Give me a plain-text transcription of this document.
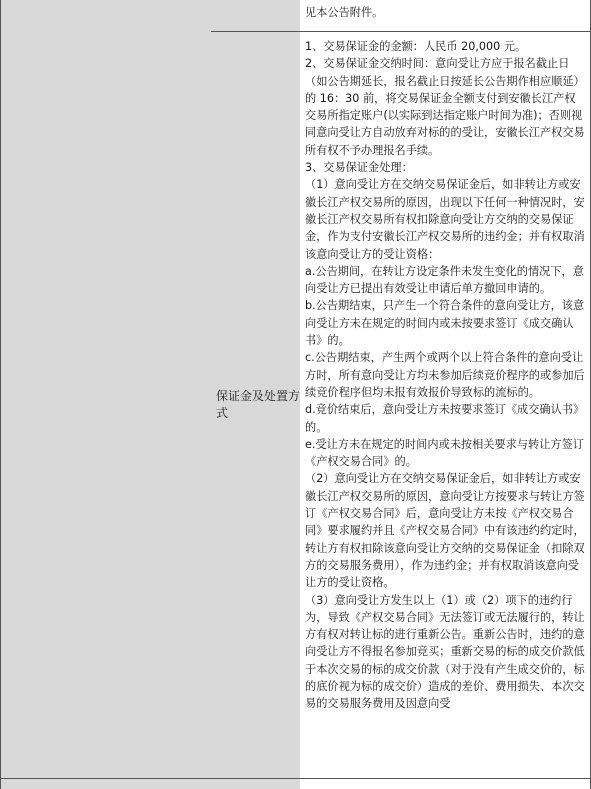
见本公告附件。
保证金及处置方式

1、交易保证金的金额：人民币 20,000 元。

2、交易保证金交纳时间：意向受让方应于报名截止日（如公告期延长，报名截止日按延长公告期作相应顺延）的 16：30 前，将交易保证金全额支付到安徽长江产权交易所指定账户(以实际到达指定账户时间为准)；否则视同意向受让方自动放弃对标的的受让，安徽长江产权交易所有权不予办理报名手续。

3、交易保证金处理：

（1）意向受让方在交纳交易保证金后，如非转让方或安徽长江产权交易所的原因，出现以下任何一种情况时，安徽长江产权交易所有权扣除意向受让方交纳的交易保证金，作为支付安徽长江产权交易所的违约金；并有权取消该意向受让方的受让资格：

a.公告期间，在转让方设定条件未发生变化的情况下，意向受让方已提出有效受让申请后单方撤回申请的。

b.公告期结束，只产生一个符合条件的意向受让方，该意向受让方未在规定的时间内或未按要求签订《成交确认书》的。

c.公告期结束，产生两个或两个以上符合条件的意向受让方时，所有意向受让方均未参加后续竞价程序的或参加后续竞价程序但均未报有效报价导致标的流标的。

d.竞价结束后，意向受让方未按要求签订《成交确认书》的。

e.受让方未在规定的时间内或未按相关要求与转让方签订《产权交易合同》的。

（2）意向受让方在交纳交易保证金后，如非转让方或安徽长江产权交易所的原因，意向受让方按要求与转让方签订《产权交易合同》后，意向受让方未按《产权交易合同》要求履约并且《产权交易合同》中有该违约约定时，转让方有权扣除该意向受让方交纳的交易保证金（扣除双方的交易服务费用），作为违约金；并有权取消该意向受让方的受让资格。

（3）意向受让方发生以上（1）或（2）项下的违约行为，导致《产权交易合同》无法签订或无法履行的，转让方有权对转让标的进行重新公告。重新公告时，违约的意向受让方不得报名参加竞买；重新交易的标的成交价款低于本次交易的标的成交价款（对于没有产生成交价的，标的底价视为标的成交价）造成的差价、费用损失、本次交易的交易服务费用及因意向受
